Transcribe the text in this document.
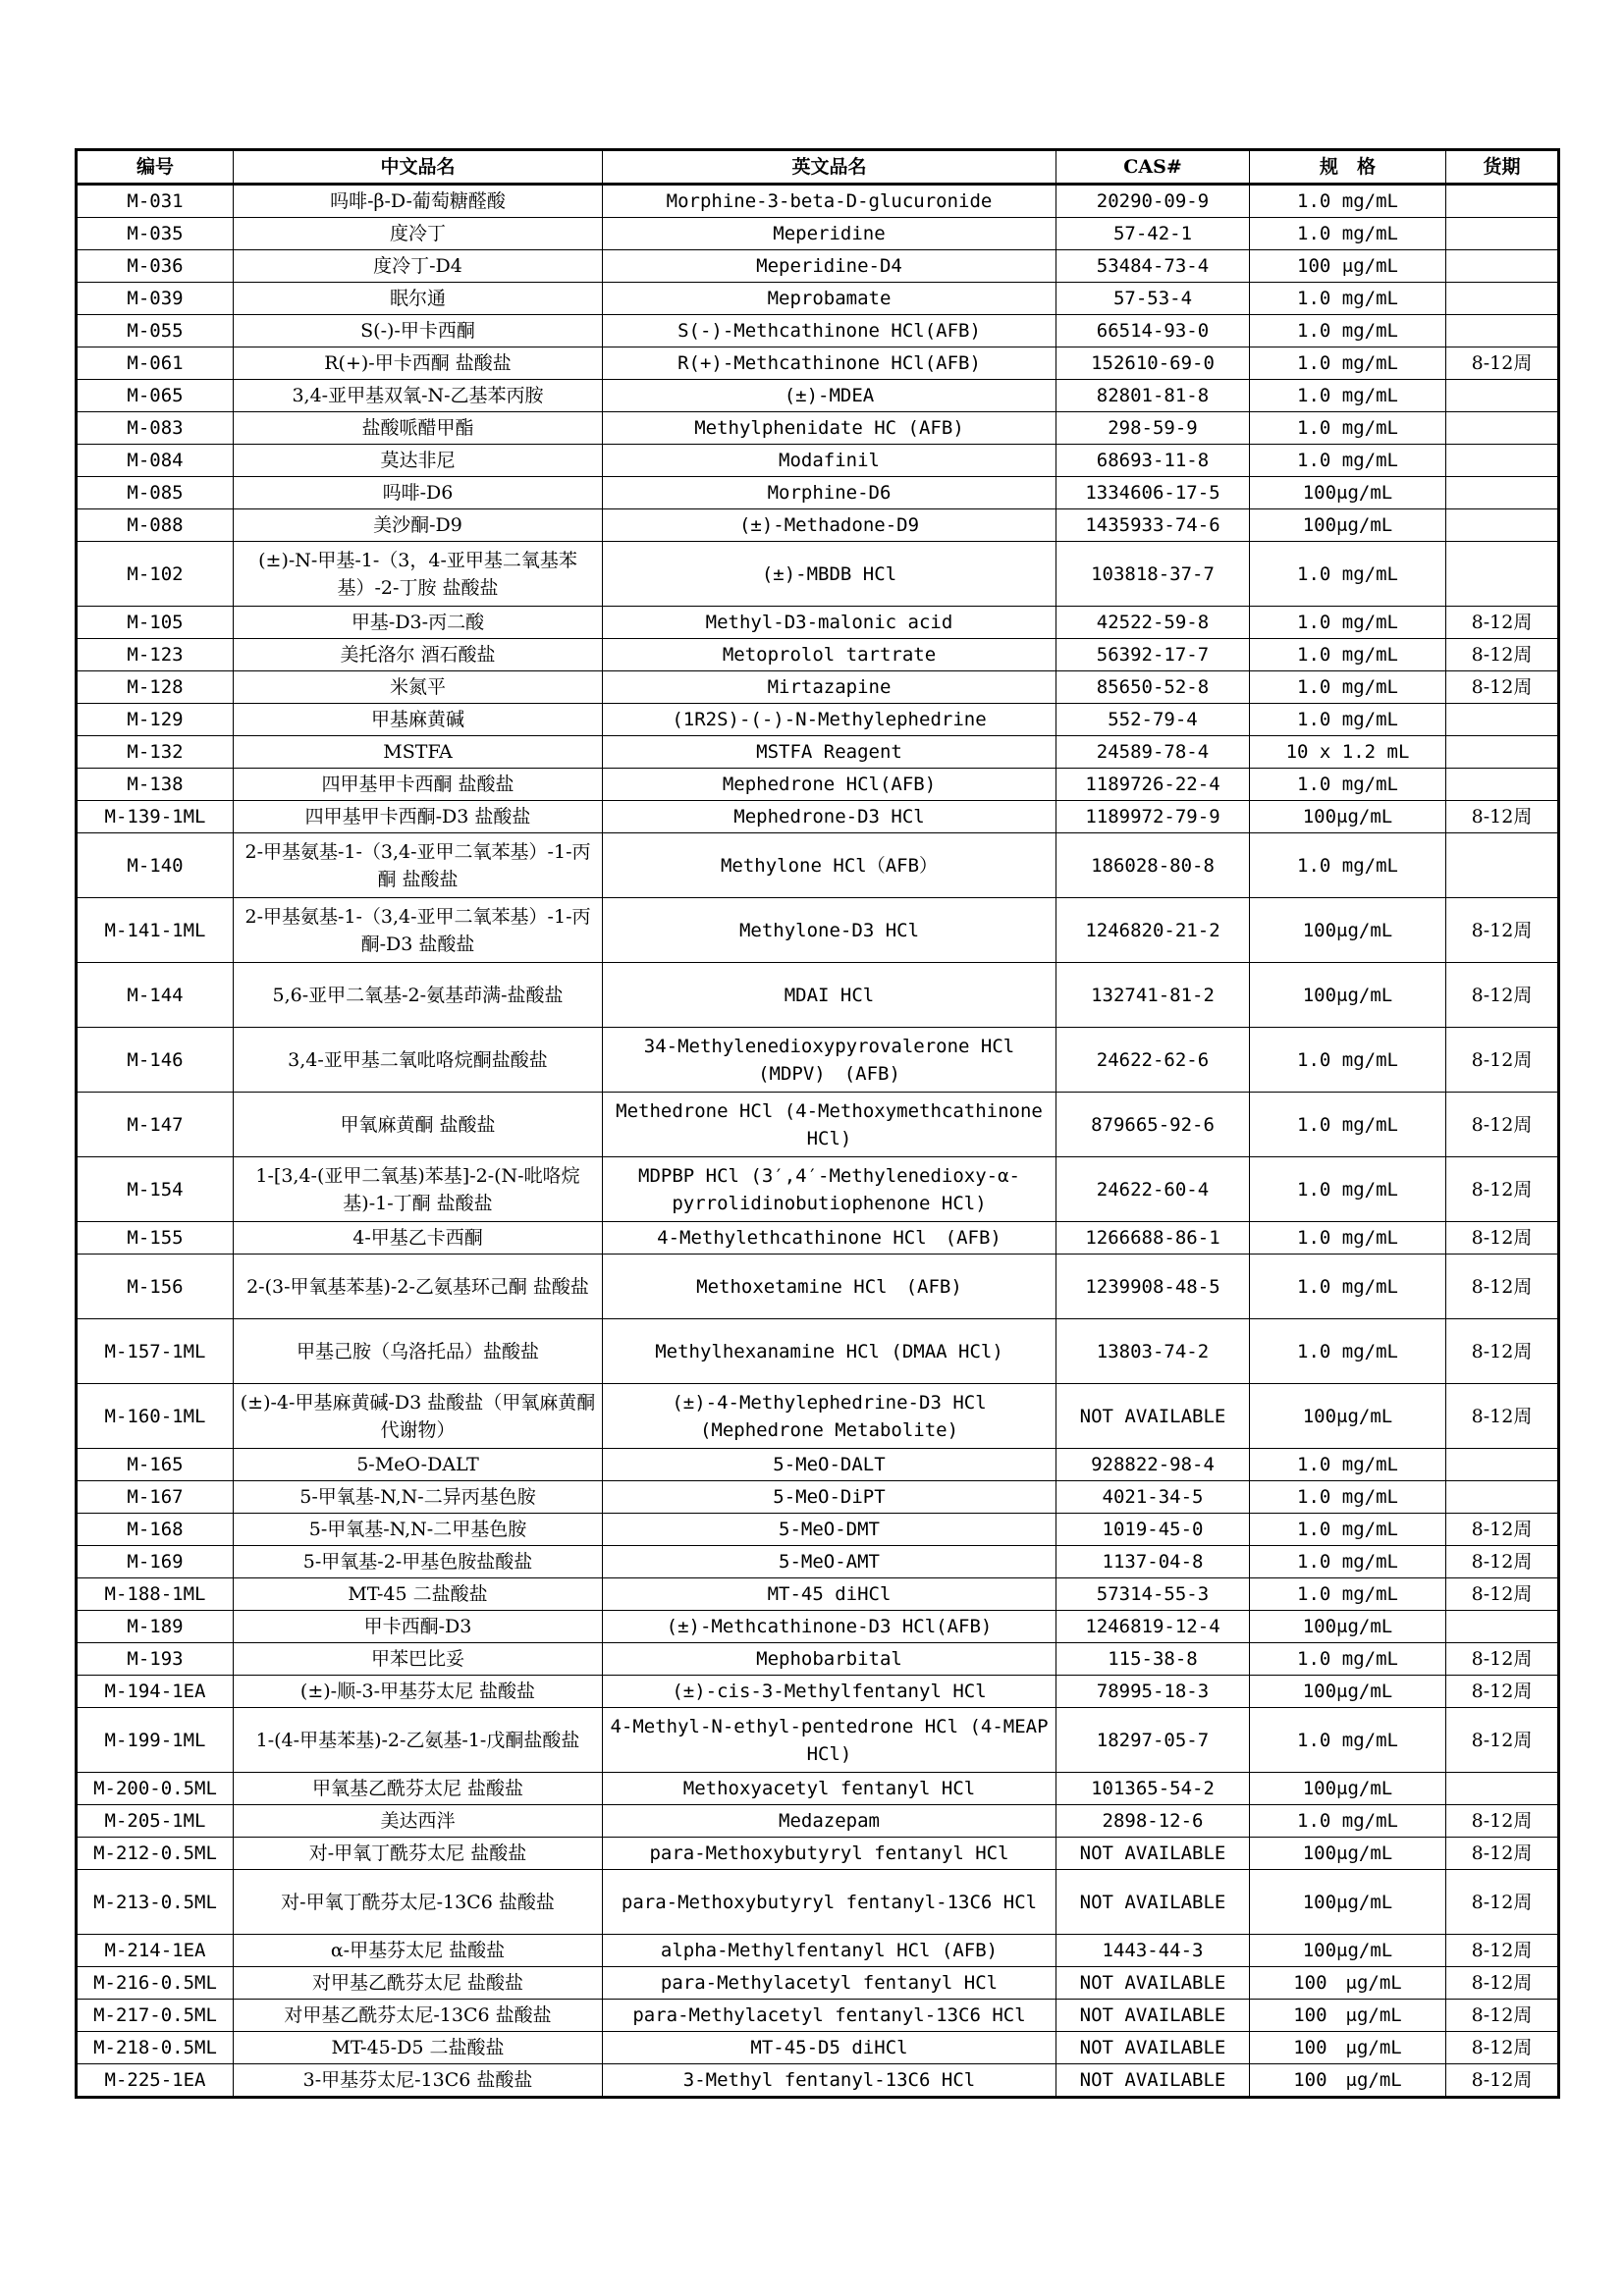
编号	中文品名	英文品名	CAS#	规　格	货期
M-031	吗啡-β-D-葡萄糖醛酸	Morphine-3-beta-D-glucuronide	20290-09-9	1.0 mg/mL	
M-035	度冷丁	Meperidine	57-42-1	1.0 mg/mL	
M-036	度冷丁-D4	Meperidine-D4	53484-73-4	100 μg/mL	
M-039	眠尔通	Meprobamate	57-53-4	1.0 mg/mL	
M-055	S(-)-甲卡西酮	S(-)-Methcathinone HCl(AFB)	66514-93-0	1.0 mg/mL	
M-061	R(+)-甲卡西酮 盐酸盐	R(+)-Methcathinone HCl(AFB)	152610-69-0	1.0 mg/mL	8-12周
M-065	3,4-亚甲基双氧-N-乙基苯丙胺	(±)-MDEA	82801-81-8	1.0 mg/mL	
M-083	盐酸哌醋甲酯	Methylphenidate HC (AFB)	298-59-9	1.0 mg/mL	
M-084	莫达非尼	Modafinil	68693-11-8	1.0 mg/mL	
M-085	吗啡-D6	Morphine-D6	1334606-17-5	100μg/mL	
M-088	美沙酮-D9	(±)-Methadone-D9	1435933-74-6	100μg/mL	
M-102	(±)-N-甲基-1-（3，4-亚甲基二氧基苯基）-2-丁胺 盐酸盐	(±)-MBDB HCl	103818-37-7	1.0 mg/mL	
M-105	甲基-D3-丙二酸	Methyl-D3-malonic acid	42522-59-8	1.0 mg/mL	8-12周
M-123	美托洛尔 酒石酸盐	Metoprolol tartrate	56392-17-7	1.0 mg/mL	8-12周
M-128	米氮平	Mirtazapine	85650-52-8	1.0 mg/mL	8-12周
M-129	甲基麻黄碱	(1R2S)-(-)-N-Methylephedrine	552-79-4	1.0 mg/mL	
M-132	MSTFA	MSTFA Reagent	24589-78-4	10 x 1.2 mL	
M-138	四甲基甲卡西酮 盐酸盐	Mephedrone HCl(AFB)	1189726-22-4	1.0 mg/mL	
M-139-1ML	四甲基甲卡西酮-D3 盐酸盐	Mephedrone-D3 HCl	1189972-79-9	100μg/mL	8-12周
M-140	2-甲基氨基-1-（3,4-亚甲二氧苯基）-1-丙酮 盐酸盐	Methylone HCl（AFB）	186028-80-8	1.0 mg/mL	
M-141-1ML	2-甲基氨基-1-（3,4-亚甲二氧苯基）-1-丙酮-D3 盐酸盐	Methylone-D3 HCl	1246820-21-2	100μg/mL	8-12周
M-144	5,6-亚甲二氧基-2-氨基茚满-盐酸盐	MDAI HCl	132741-81-2	100μg/mL	8-12周
M-146	3,4-亚甲基二氧吡咯烷酮盐酸盐	34-Methylenedioxypyrovalerone HCl (MDPV)　(AFB)	24622-62-6	1.0 mg/mL	8-12周
M-147	甲氧麻黄酮 盐酸盐	Methedrone HCl (4-Methoxymethcathinone HCl)	879665-92-6	1.0 mg/mL	8-12周
M-154	1-[3,4-(亚甲二氧基)苯基]-2-(N-吡咯烷基)-1-丁酮 盐酸盐	MDPBP HCl (3′,4′-Methylenedioxy-α-pyrrolidinobutiophenone HCl)	24622-60-4	1.0 mg/mL	8-12周
M-155	4-甲基乙卡西酮	4-Methylethcathinone HCl　(AFB)	1266688-86-1	1.0 mg/mL	8-12周
M-156	2-(3-甲氧基苯基)-2-乙氨基环己酮 盐酸盐	Methoxetamine HCl　(AFB)	1239908-48-5	1.0 mg/mL	8-12周
M-157-1ML	甲基己胺（乌洛托品）盐酸盐	Methylhexanamine HCl (DMAA HCl)	13803-74-2	1.0 mg/mL	8-12周
M-160-1ML	(±)-4-甲基麻黄碱-D3 盐酸盐（甲氧麻黄酮代谢物）	(±)-4-Methylephedrine-D3 HCl (Mephedrone Metabolite)	NOT AVAILABLE	100μg/mL	8-12周
M-165	5-MeO-DALT	5-MeO-DALT	928822-98-4	1.0 mg/mL	
M-167	5-甲氧基-N,N-二异丙基色胺	5-MeO-DiPT	4021-34-5	1.0 mg/mL	
M-168	5-甲氧基-N,N-二甲基色胺	5-MeO-DMT	1019-45-0	1.0 mg/mL	8-12周
M-169	5-甲氧基-2-甲基色胺盐酸盐	5-MeO-AMT	1137-04-8	1.0 mg/mL	8-12周
M-188-1ML	MT-45 二盐酸盐	MT-45 diHCl	57314-55-3	1.0 mg/mL	8-12周
M-189	甲卡西酮-D3	(±)-Methcathinone-D3 HCl(AFB)	1246819-12-4	100μg/mL	
M-193	甲苯巴比妥	Mephobarbital	115-38-8	1.0 mg/mL	8-12周
M-194-1EA	(±)-顺-3-甲基芬太尼 盐酸盐	(±)-cis-3-Methylfentanyl HCl	78995-18-3	100μg/mL	8-12周
M-199-1ML	1-(4-甲基苯基)-2-乙氨基-1-戊酮盐酸盐	4-Methyl-N-ethyl-pentedrone HCl (4-MEAP HCl)	18297-05-7	1.0 mg/mL	8-12周
M-200-0.5ML	甲氧基乙酰芬太尼 盐酸盐	Methoxyacetyl fentanyl HCl	101365-54-2	100μg/mL	
M-205-1ML	美达西泮	Medazepam	2898-12-6	1.0 mg/mL	8-12周
M-212-0.5ML	对-甲氧丁酰芬太尼 盐酸盐	para-Methoxybutyryl fentanyl HCl	NOT AVAILABLE	100μg/mL	8-12周
M-213-0.5ML	对-甲氧丁酰芬太尼-13C6 盐酸盐	para-Methoxybutyryl fentanyl-13C6 HCl	NOT AVAILABLE	100μg/mL	8-12周
M-214-1EA	α-甲基芬太尼 盐酸盐	alpha-Methylfentanyl HCl (AFB)	1443-44-3	100μg/mL	8-12周
M-216-0.5ML	对甲基乙酰芬太尼 盐酸盐	para-Methylacetyl fentanyl HCl	NOT AVAILABLE	100　μg/mL	8-12周
M-217-0.5ML	对甲基乙酰芬太尼-13C6 盐酸盐	para-Methylacetyl fentanyl-13C6 HCl	NOT AVAILABLE	100　μg/mL	8-12周
M-218-0.5ML	MT-45-D5 二盐酸盐	MT-45-D5 diHCl	NOT AVAILABLE	100　μg/mL	8-12周
M-225-1EA	3-甲基芬太尼-13C6 盐酸盐	3-Methyl fentanyl-13C6 HCl	NOT AVAILABLE	100　μg/mL	8-12周
